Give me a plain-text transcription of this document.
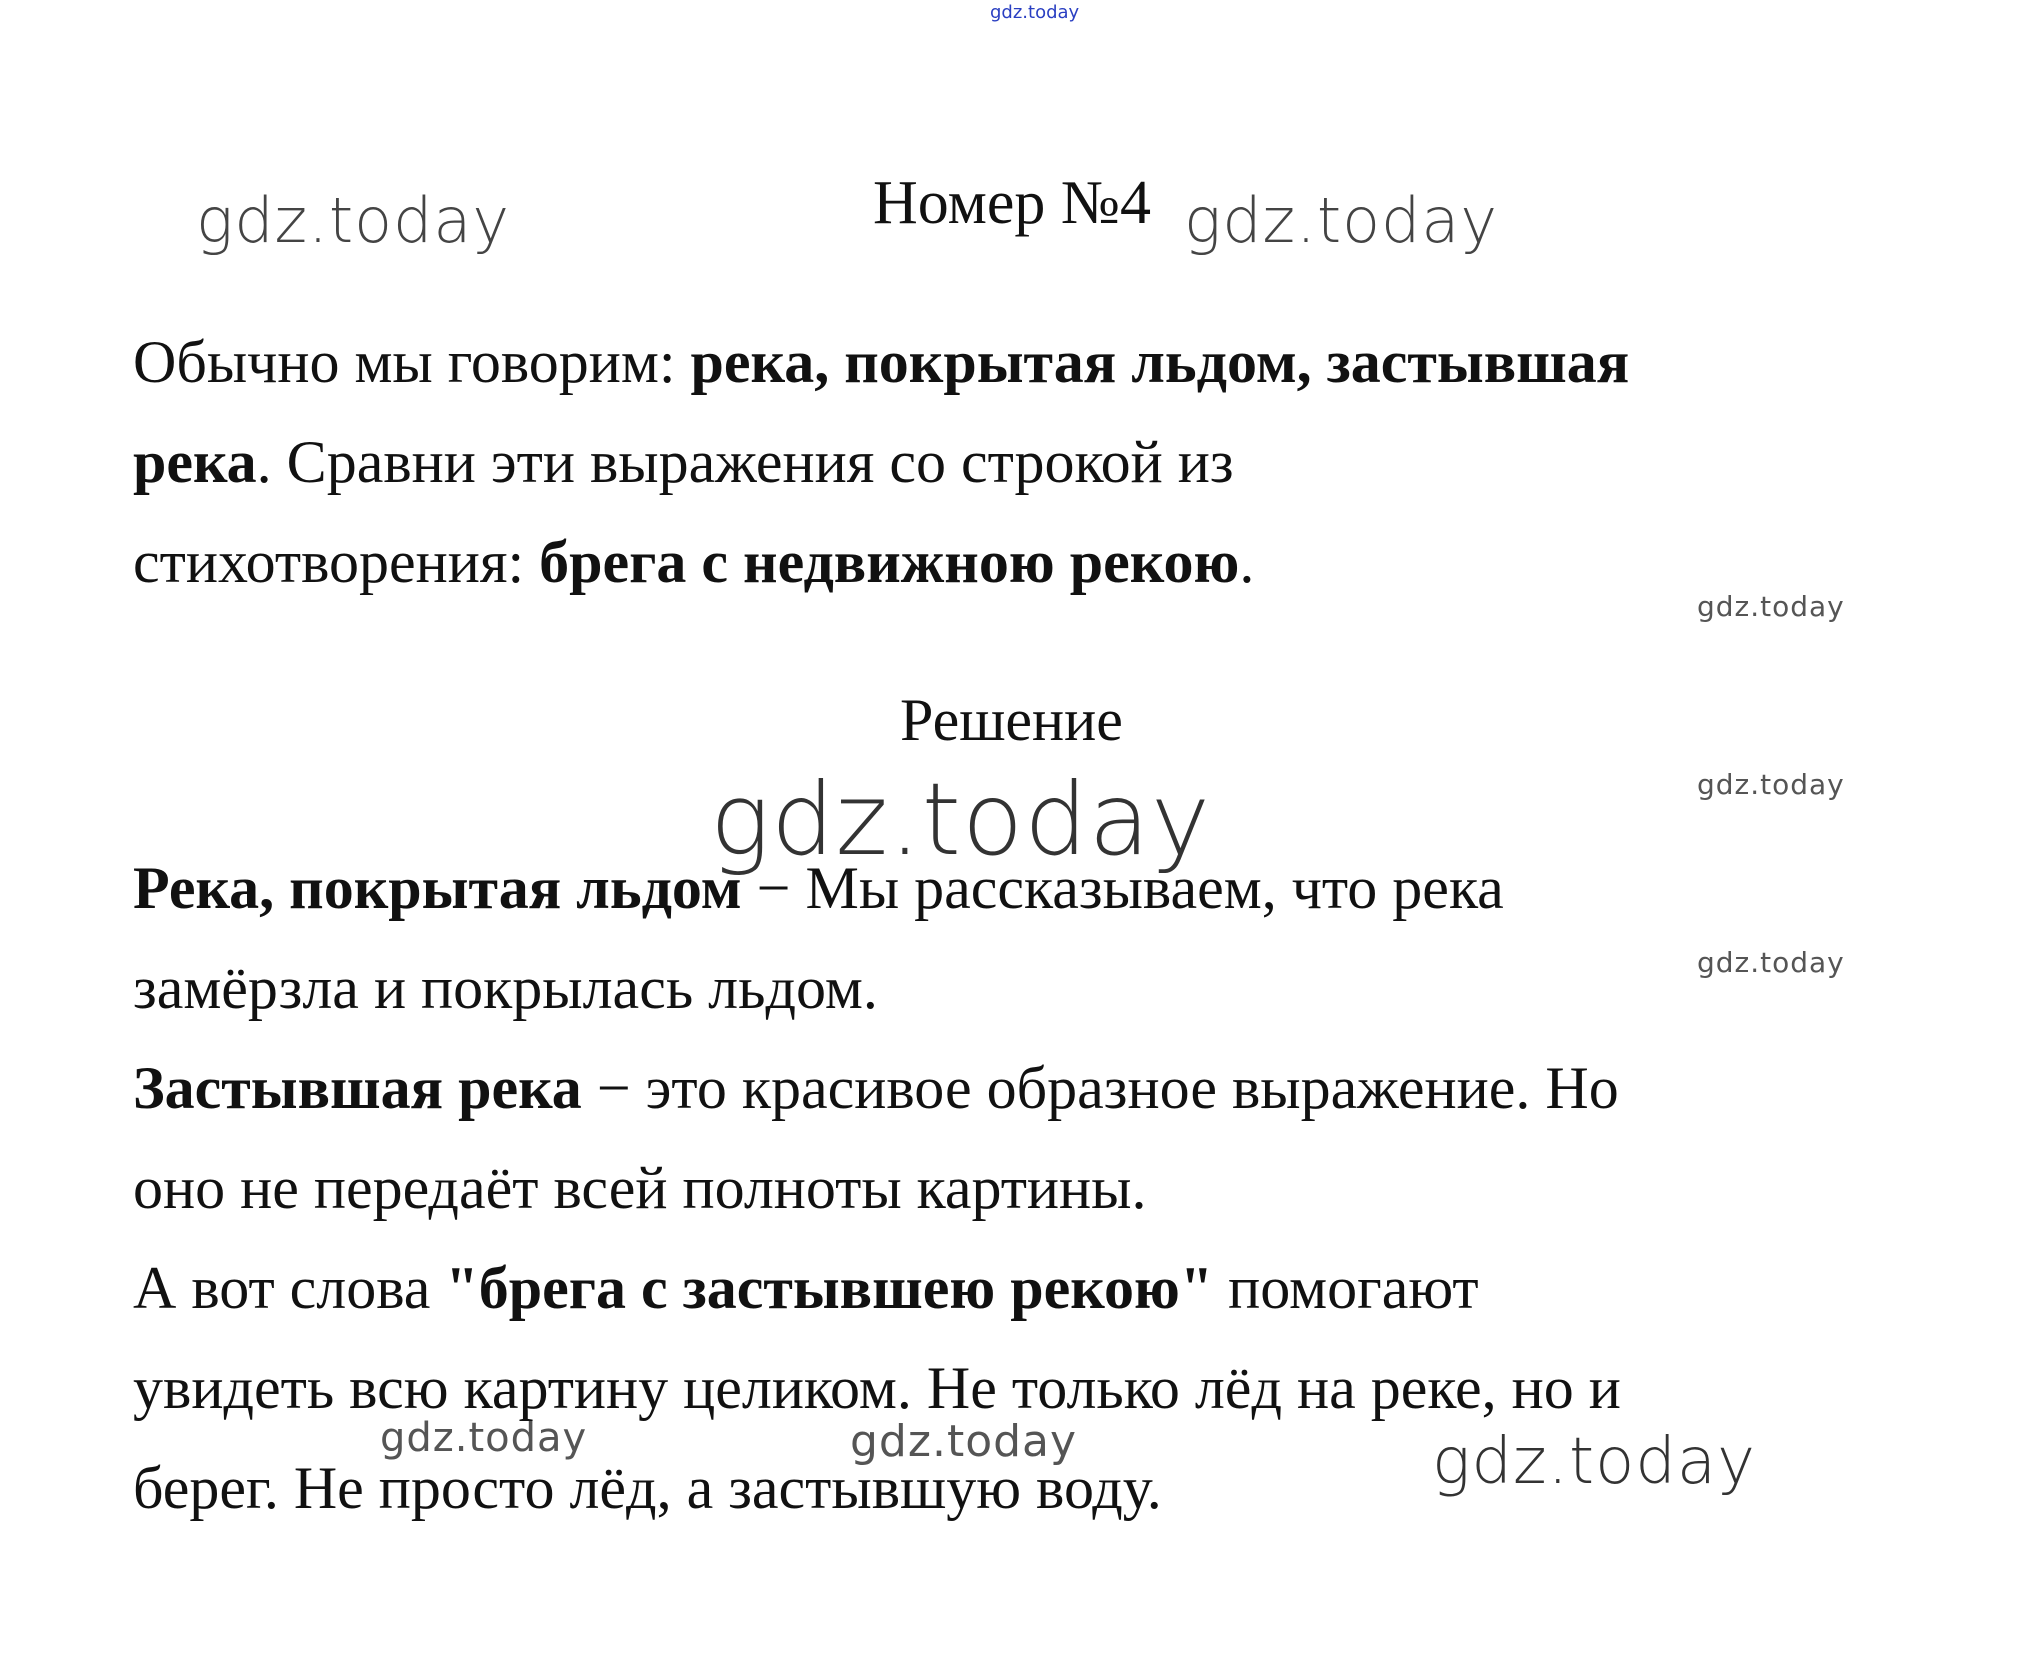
gdz.today
gdz.today	gdz.today
gdz.today
gdz.today
gdz.today
gdz.today
gdz.today	gdz.today	gdz.today
Номер №4
Обычно мы говорим: река, покрытая льдом, застывшая
река. Сравни эти выражения со строкой из
стихотворения: брега с недвижною рекою.
Решение
Река, покрытая льдом − Мы рассказываем, что река
замёрзла и покрылась льдом.
Застывшая река − это красивое образное выражение. Но
оно не передаёт всей полноты картины.
А вот слова "брега с застывшею рекою" помогают
увидеть всю картину целиком. Не только лёд на реке, но и
берег. Не просто лёд, а застывшую воду.
